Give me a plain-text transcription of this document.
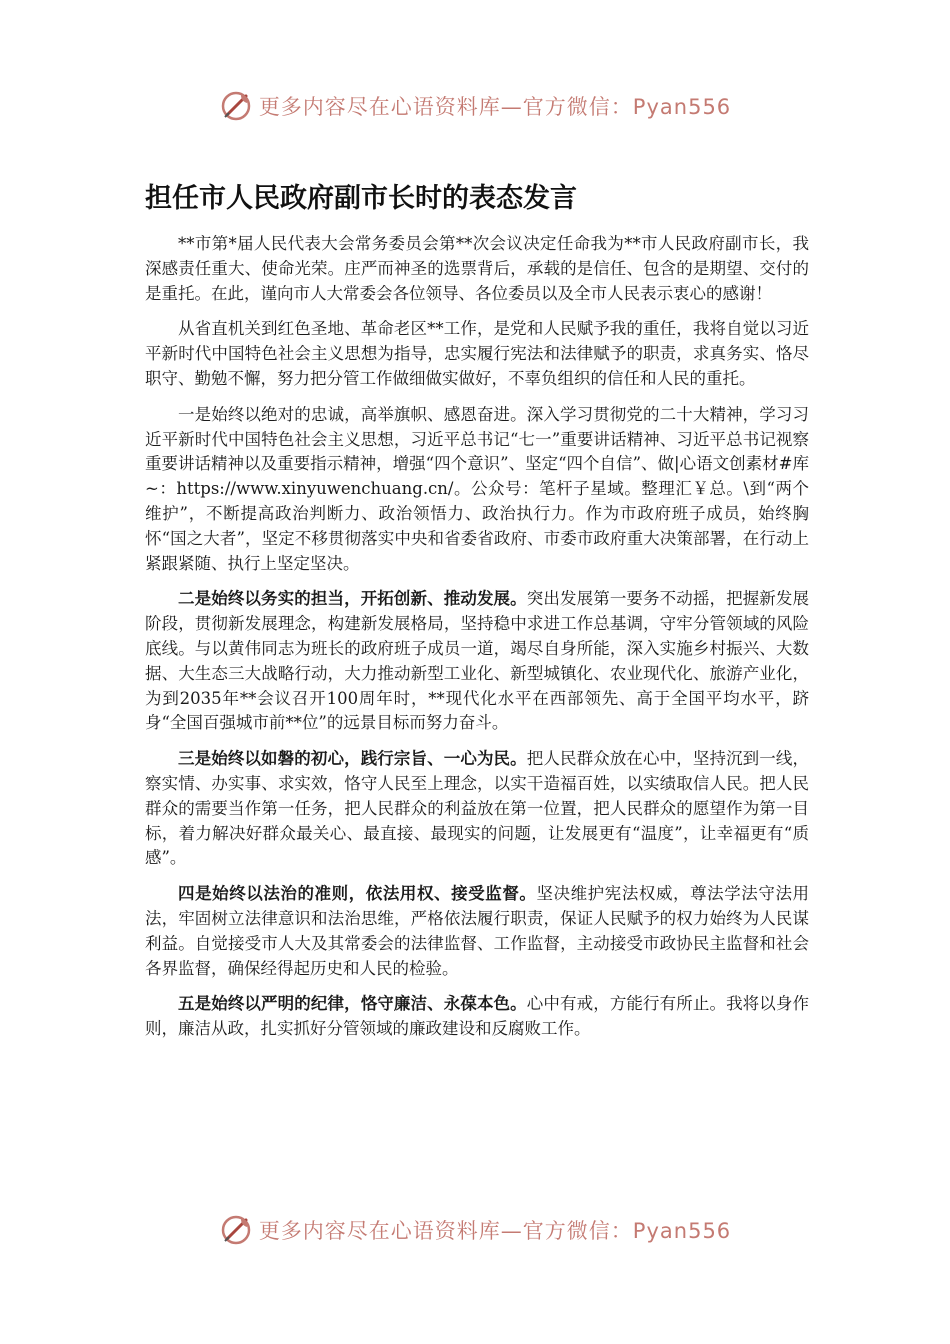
更多内容尽在心语资料库—官方微信：Pyan556
担任市人民政府副市长时的表态发言

**市第*届人民代表大会常务委员会第**次会议决定任命我为**市人民政府副市长，我深感责任重大、使命光荣。庄严而神圣的选票背后，承载的是信任、包含的是期望、交付的是重托。在此，谨向市人大常委会各位领导、各位委员以及全市人民表示衷心的感谢！

从省直机关到红色圣地、革命老区**工作，是党和人民赋予我的重任，我将自觉以习近平新时代中国特色社会主义思想为指导，忠实履行宪法和法律赋予的职责，求真务实、恪尽职守、勤勉不懈，努力把分管工作做细做实做好，不辜负组织的信任和人民的重托。

一是始终以绝对的忠诚，高举旗帜、感恩奋进。深入学习贯彻党的二十大精神，学习习近平新时代中国特色社会主义思想，习近平总书记“七一”重要讲话精神、习近平总书记视察重要讲话精神以及重要指示精神，增强“四个意识”、坚定“四个自信”、做|心语文创素材#库~：https://www.xinyuwenchuang.cn/。公众号：笔杆子星域。整理汇￥总。\到“两个维护”，不断提高政治判断力、政治领悟力、政治执行力。作为市政府班子成员，始终胸怀“国之大者”，坚定不移贯彻落实中央和省委省政府、市委市政府重大决策部署，在行动上紧跟紧随、执行上坚定坚决。

二是始终以务实的担当，开拓创新、推动发展。突出发展第一要务不动摇，把握新发展阶段，贯彻新发展理念，构建新发展格局，坚持稳中求进工作总基调，守牢分管领域的风险底线。与以黄伟同志为班长的政府班子成员一道，竭尽自身所能，深入实施乡村振兴、大数据、大生态三大战略行动，大力推动新型工业化、新型城镇化、农业现代化、旅游产业化，为到2035年**会议召开100周年时，**现代化水平在西部领先、高于全国平均水平，跻身“全国百强城市前**位”的远景目标而努力奋斗。

三是始终以如磐的初心，践行宗旨、一心为民。把人民群众放在心中，坚持沉到一线，察实情、办实事、求实效，恪守人民至上理念，以实干造福百姓，以实绩取信人民。把人民群众的需要当作第一任务，把人民群众的利益放在第一位置，把人民群众的愿望作为第一目标，着力解决好群众最关心、最直接、最现实的问题，让发展更有“温度”，让幸福更有“质感”。

四是始终以法治的准则，依法用权、接受监督。坚决维护宪法权威，尊法学法守法用法，牢固树立法律意识和法治思维，严格依法履行职责，保证人民赋予的权力始终为人民谋利益。自觉接受市人大及其常委会的法律监督、工作监督，主动接受市政协民主监督和社会各界监督，确保经得起历史和人民的检验。

五是始终以严明的纪律，恪守廉洁、永葆本色。心中有戒，方能行有所止。我将以身作则，廉洁从政，扎实抓好分管领域的廉政建设和反腐败工作。

更多内容尽在心语资料库—官方微信：Pyan556
